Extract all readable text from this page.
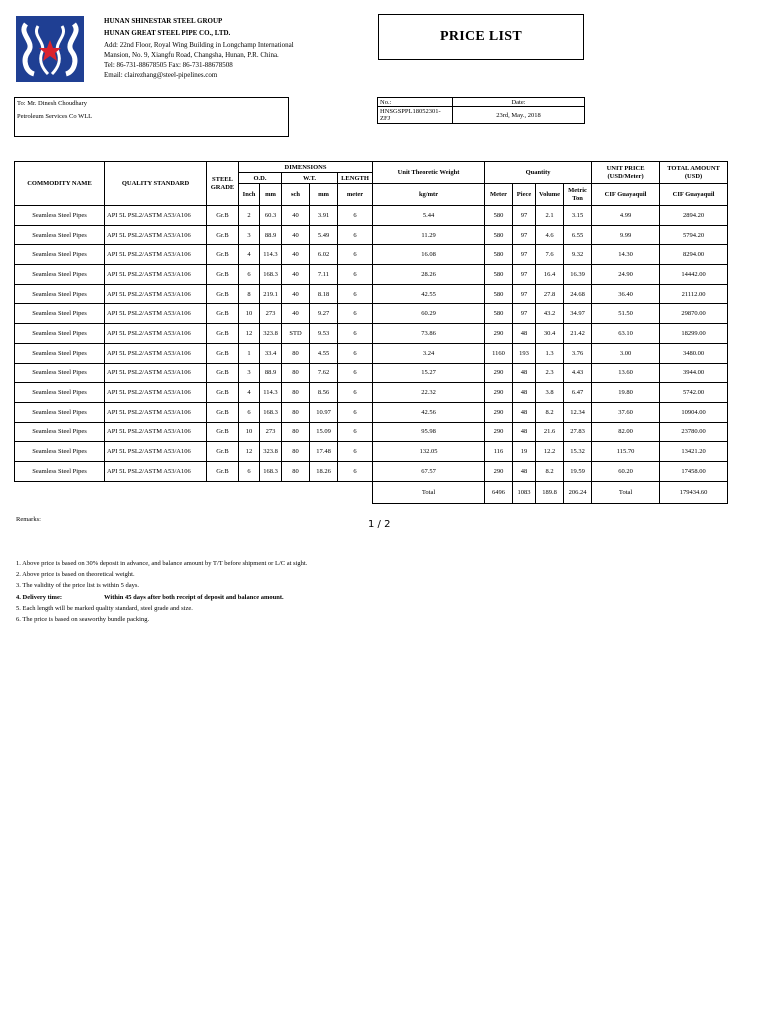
HUNAN SHINESTAR STEEL GROUP
HUNAN GREAT STEEL PIPE CO., LTD.
Add: 22nd Floor, Royal Wing Building in Longchamp International Mansion, No. 9, Xiangfu Road, Changsha, Hunan, P.R. China.
Tel: 86-731-88678505 Fax: 86-731-88678508
Email: clairezhang@steel-pipelines.com
PRICE LIST
To: Mr. Dinesh Choudhary
Petroleum Services Co WLL
No.:	Date:
HNSGSPPL18052301-ZFJ	23rd, May., 2018
COMMODITY NAME	QUALITY STANDARD	STEEL GRADE	DIMENSIONS					Unit Theoretic Weight	Quantity				UNIT PRICE (USD/Meter)	TOTAL AMOUNT (USD)
			O.D.		W.T.		LENGTH							
			Inch	mm	sch	mm	meter	kg/mtr	Meter	Piece	Volume	Metric Ton	CIF Guayaquil	CIF Guayaquil
Seamless Steel Pipes	API 5L PSL2/ASTM A53/A106	Gr.B	2	60.3	40	3.91	6	5.44	580	97	2.1	3.15	4.99	2894.20
Seamless Steel Pipes	API 5L PSL2/ASTM A53/A106	Gr.B	3	88.9	40	5.49	6	11.29	580	97	4.6	6.55	9.99	5794.20
Seamless Steel Pipes	API 5L PSL2/ASTM A53/A106	Gr.B	4	114.3	40	6.02	6	16.08	580	97	7.6	9.32	14.30	8294.00
Seamless Steel Pipes	API 5L PSL2/ASTM A53/A106	Gr.B	6	168.3	40	7.11	6	28.26	580	97	16.4	16.39	24.90	14442.00
Seamless Steel Pipes	API 5L PSL2/ASTM A53/A106	Gr.B	8	219.1	40	8.18	6	42.55	580	97	27.8	24.68	36.40	21112.00
Seamless Steel Pipes	API 5L PSL2/ASTM A53/A106	Gr.B	10	273	40	9.27	6	60.29	580	97	43.2	34.97	51.50	29870.00
Seamless Steel Pipes	API 5L PSL2/ASTM A53/A106	Gr.B	12	323.8	STD	9.53	6	73.86	290	48	30.4	21.42	63.10	18299.00
Seamless Steel Pipes	API 5L PSL2/ASTM A53/A106	Gr.B	1	33.4	80	4.55	6	3.24	1160	193	1.3	3.76	3.00	3480.00
Seamless Steel Pipes	API 5L PSL2/ASTM A53/A106	Gr.B	3	88.9	80	7.62	6	15.27	290	48	2.3	4.43	13.60	3944.00
Seamless Steel Pipes	API 5L PSL2/ASTM A53/A106	Gr.B	4	114.3	80	8.56	6	22.32	290	48	3.8	6.47	19.80	5742.00
Seamless Steel Pipes	API 5L PSL2/ASTM A53/A106	Gr.B	6	168.3	80	10.97	6	42.56	290	48	8.2	12.34	37.60	10904.00
Seamless Steel Pipes	API 5L PSL2/ASTM A53/A106	Gr.B	10	273	80	15.09	6	95.98	290	48	21.6	27.83	82.00	23780.00
Seamless Steel Pipes	API 5L PSL2/ASTM A53/A106	Gr.B	12	323.8	80	17.48	6	132.05	116	19	12.2	15.32	115.70	13421.20
Seamless Steel Pipes	API 5L PSL2/ASTM A53/A106	Gr.B	6	168.3	80	18.26	6	67.57	290	48	8.2	19.59	60.20	17458.00
								Total	6496	1083	189.8	206.24	Total	179434.60
Remarks:	1 / 2
1. Above price is based on 30% deposit in advance, and balance amount by T/T before shipment or L/C at sight.
2. Above price is based on theoretical weight.
3. The validity of the price list is within 5 days.
4. Delivery time:	Within 45 days after both receipt of deposit and balance amount.
5. Each length will be marked quality standard, steel grade and size.
6. The price is based on seaworthy bundle packing.
